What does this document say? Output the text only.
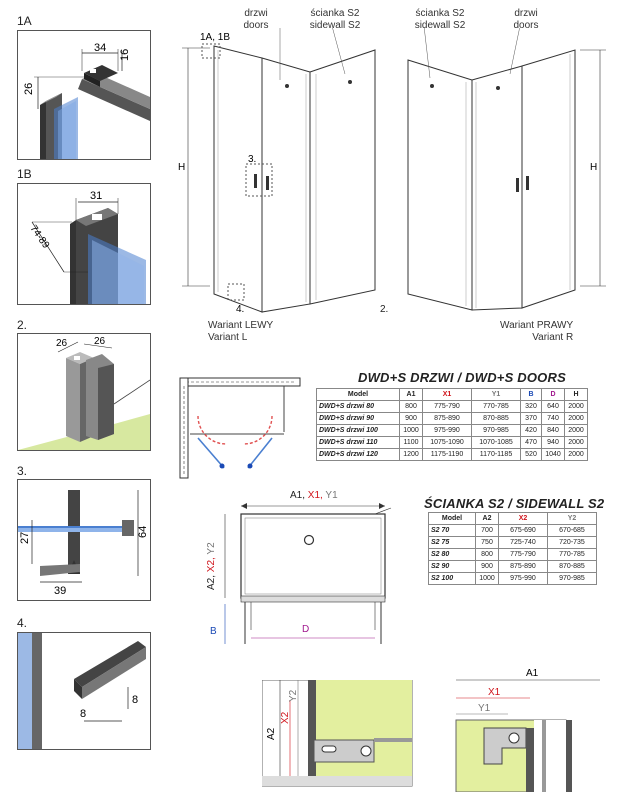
1A
34
16
26
1B
31
74-89
2.
26	26
3.
27
39
64
4.
8
8
drzwi
doors
ścianka S2
sidewall S2
H
1A, 1B
3.
4.
Wariant LEWY
Variant L
ścianka S2
sidewall S2
drzwi
doors
H
2.
Wariant PRAWY
Variant R
DWD+S DRZWI / DWD+S DOORS
Model	A1	X1	Y1	B	D	H
DWD+S drzwi 80	800	775-790	770-785	320	640	2000
DWD+S drzwi 90	900	875-890	870-885	370	740	2000
DWD+S drzwi 100	1000	975-990	970-985	420	840	2000
DWD+S drzwi 110	1100	1075-1090	1070-1085	470	940	2000
DWD+S drzwi 120	1200	1175-1190	1170-1185	520	1040	2000
ŚCIANKA S2 / SIDEWALL S2
Model	A2	X2	Y2
S2 70	700	675-690	670-685
S2 75	750	725-740	720-735
S2 80	800	775-790	770-785
S2 90	900	875-890	870-885
S2 100	1000	975-990	970-985
A1, X1, Y1
A2, X2, Y2
B	D
A2
X2
Y2
A1
X1
Y1
